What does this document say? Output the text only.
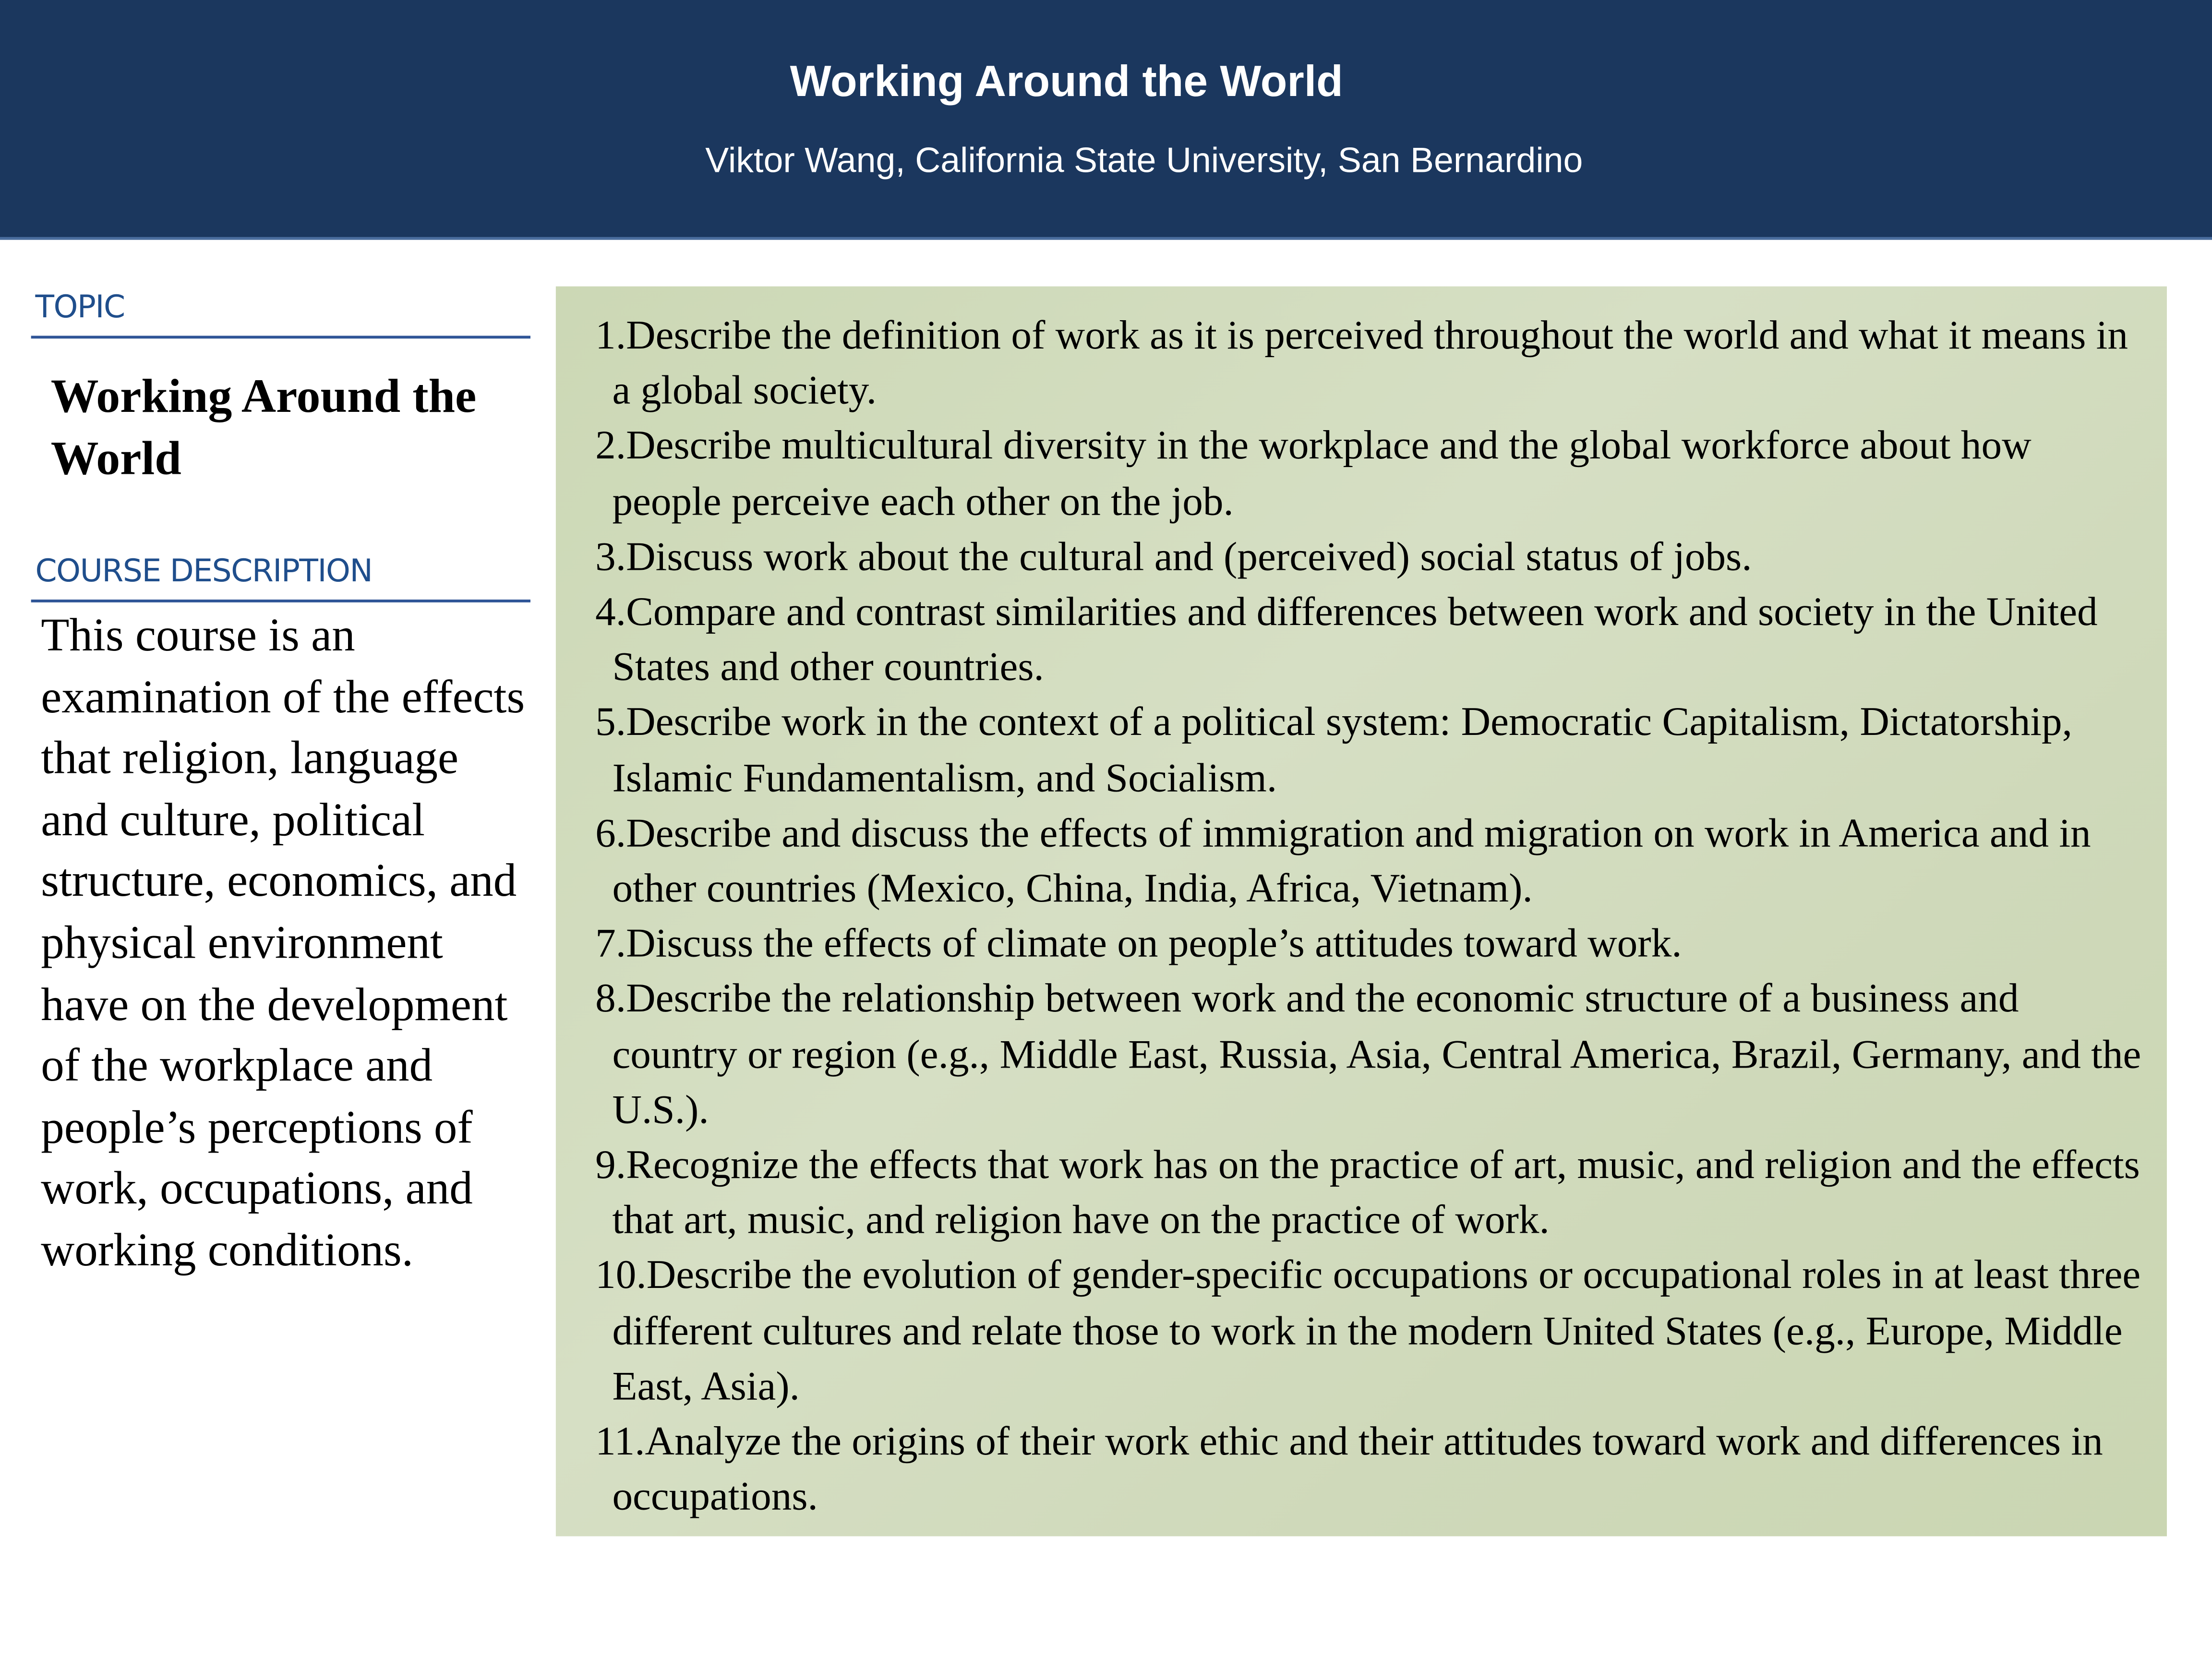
Working Around the World
Viktor Wang, California State University, San Bernardino
TOPIC
Working Around the World
COURSE DESCRIPTION
This course is an examination of the effects that religion, language and culture, political structure, economics, and physical environment have on the development of the workplace and people’s perceptions of work, occupations, and working conditions.
1.Describe the definition of work as it is perceived throughout the world and what it means in a global society.
2.Describe multicultural diversity in the workplace and the global workforce about how people perceive each other on the job.
3.Discuss work about the cultural and (perceived) social status of jobs.
4.Compare and contrast similarities and differences between work and society in the United States and other countries.
5.Describe work in the context of a political system: Democratic Capitalism, Dictatorship, Islamic Fundamentalism, and Socialism.
6.Describe and discuss the effects of immigration and migration on work in America and in other countries (Mexico, China, India, Africa, Vietnam).
7.Discuss the effects of climate on people’s attitudes toward work.
8.Describe the relationship between work and the economic structure of a business and country or region (e.g., Middle East, Russia, Asia, Central America, Brazil, Germany, and the U.S.).
9.Recognize the effects that work has on the practice of art, music, and religion and the effects that art, music, and religion have on the practice of work.
10.Describe the evolution of gender-specific occupations or occupational roles in at least three different cultures and relate those to work in the modern United States (e.g., Europe, Middle East, Asia).
11.Analyze the origins of their work ethic and their attitudes toward work and differences in occupations.
